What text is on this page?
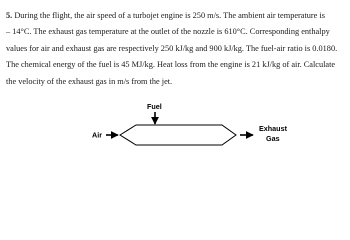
5. During the flight, the air speed of a turbojet engine is 250 m/s. The ambient air temperature is
– 14°C. The exhaust gas temperature at the outlet of the nozzle is 610°C. Corresponding enthalpy
values for air and exhaust gas are respectively 250 kJ/kg and 900 kJ/kg. The fuel-air ratio is 0.0180.
The chemical energy of the fuel is 45 MJ/kg. Heat loss from the engine is 21 kJ/kg of air. Calculate
the velocity of the exhaust gas in m/s from the jet.
Fuel
Air
Exhaust
Gas
